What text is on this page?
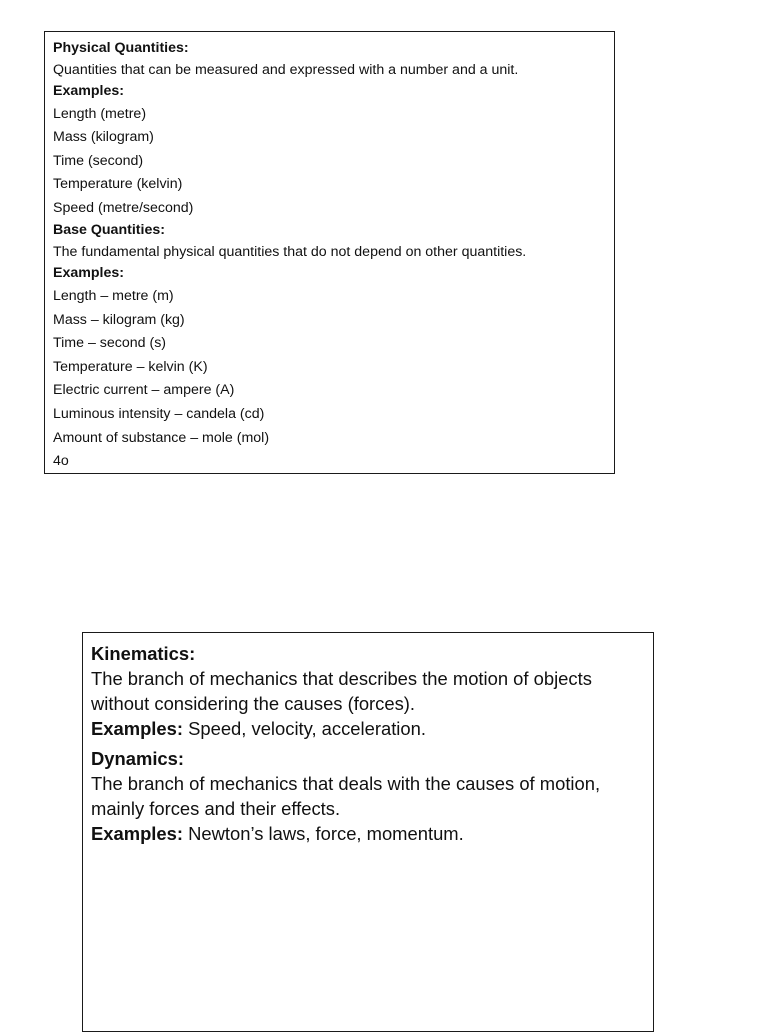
Physical Quantities:
Quantities that can be measured and expressed with a number and a unit.
Examples:
Length (metre)
Mass (kilogram)
Time (second)
Temperature (kelvin)
Speed (metre/second)
Base Quantities:
The fundamental physical quantities that do not depend on other quantities.
Examples:
Length – metre (m)
Mass – kilogram (kg)
Time – second (s)
Temperature – kelvin (K)
Electric current – ampere (A)
Luminous intensity – candela (cd)
Amount of substance – mole (mol)
4o

Kinematics:

The branch of mechanics that describes the motion of objects without considering the causes (forces).

Examples: Speed, velocity, acceleration.

Dynamics:

The branch of mechanics that deals with the causes of motion, mainly forces and their effects.

Examples: Newton’s laws, force, momentum.
